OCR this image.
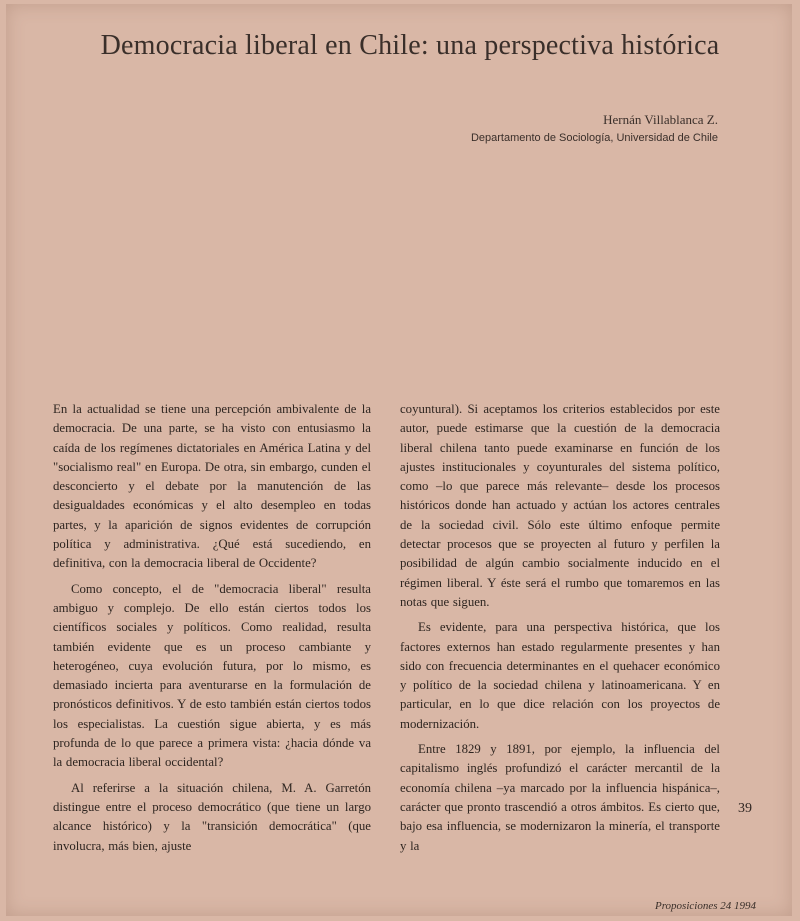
Democracia liberal en Chile: una perspectiva histórica
Hernán Villablanca Z.
Departamento de Sociología, Universidad de Chile

En la actualidad se tiene una percepción ambivalente de la democracia. De una parte, se ha visto con entusiasmo la caída de los regímenes dictatoriales en América Latina y del "socialismo real" en Europa. De otra, sin embargo, cunden el desconcierto y el debate por la manutención de las desigualdades económicas y el alto desempleo en todas partes, y la aparición de signos evidentes de corrupción política y administrativa. ¿Qué está sucediendo, en definitiva, con la democracia liberal de Occidente?

Como concepto, el de "democracia liberal" resulta ambiguo y complejo. De ello están ciertos todos los científicos sociales y políticos. Como realidad, resulta también evidente que es un proceso cambiante y heterogéneo, cuya evolución futura, por lo mismo, es demasiado incierta para aventurarse en la formulación de pronósticos definitivos. Y de esto también están ciertos todos los especialistas. La cuestión sigue abierta, y es más profunda de lo que parece a primera vista: ¿hacia dónde va la democracia liberal occidental?

Al referirse a la situación chilena, M. A. Garretón distingue entre el proceso democrático (que tiene un largo alcance histórico) y la "transición democrática" (que involucra, más bien, ajuste

coyuntural). Si aceptamos los criterios establecidos por este autor, puede estimarse que la cuestión de la democracia liberal chilena tanto puede examinarse en función de los ajustes institucionales y coyunturales del sistema político, como –lo que parece más relevante– desde los procesos históricos donde han actuado y actúan los actores centrales de la sociedad civil. Sólo este último enfoque permite detectar procesos que se proyecten al futuro y perfilen la posibilidad de algún cambio socialmente inducido en el régimen liberal. Y éste será el rumbo que tomaremos en las notas que siguen.

Es evidente, para una perspectiva histórica, que los factores externos han estado regularmente presentes y han sido con frecuencia determinantes en el quehacer económico y político de la sociedad chilena y latinoamericana. Y en particular, en lo que dice relación con los proyectos de modernización.

Entre 1829 y 1891, por ejemplo, la influencia del capitalismo inglés profundizó el carácter mercantil de la economía chilena –ya marcado por la influencia hispánica–, carácter que pronto trascendió a otros ámbitos. Es cierto que, bajo esa influencia, se modernizaron la minería, el transporte y la

39
Proposiciones 24 1994
